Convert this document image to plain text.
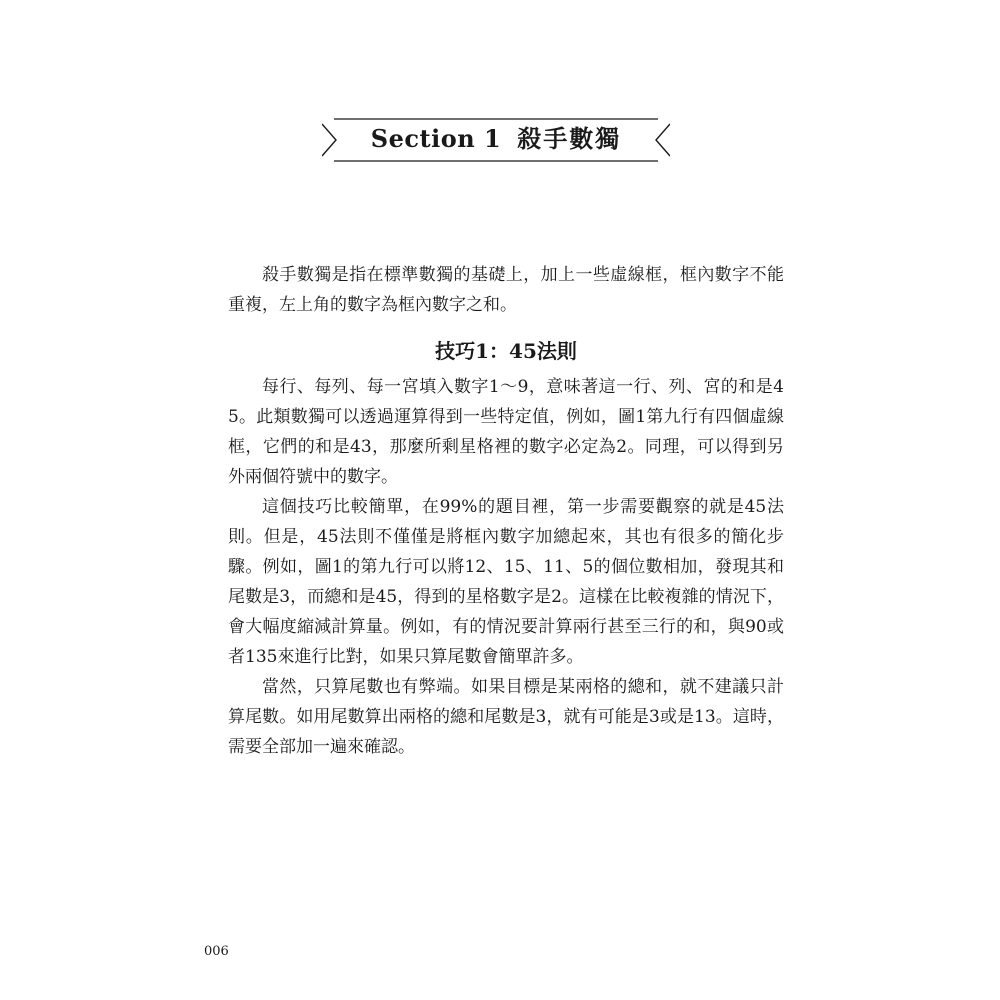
Section 1 殺手數獨

殺手數獨是指在標準數獨的基礎上，加上一些虛線框，框內數字不能重複，左上角的數字為框內數字之和。

技巧1：45法則

每行、每列、每一宮填入數字1～9，意味著這一行、列、宮的和是45。此類數獨可以透過運算得到一些特定值，例如，圖1第九行有四個虛線框，它們的和是43，那麼所剩星格裡的數字必定為2。同理，可以得到另外兩個符號中的數字。

這個技巧比較簡單，在99%的題目裡，第一步需要觀察的就是45法則。但是，45法則不僅僅是將框內數字加總起來，其也有很多的簡化步驟。例如，圖1的第九行可以將12、15、11、5的個位數相加，發現其和尾數是3，而總和是45，得到的星格數字是2。這樣在比較複雜的情況下，會大幅度縮減計算量。例如，有的情況要計算兩行甚至三行的和，與90或者135來進行比對，如果只算尾數會簡單許多。

當然，只算尾數也有弊端。如果目標是某兩格的總和，就不建議只計算尾數。如用尾數算出兩格的總和尾數是3，就有可能是3或是13。這時，需要全部加一遍來確認。

006
